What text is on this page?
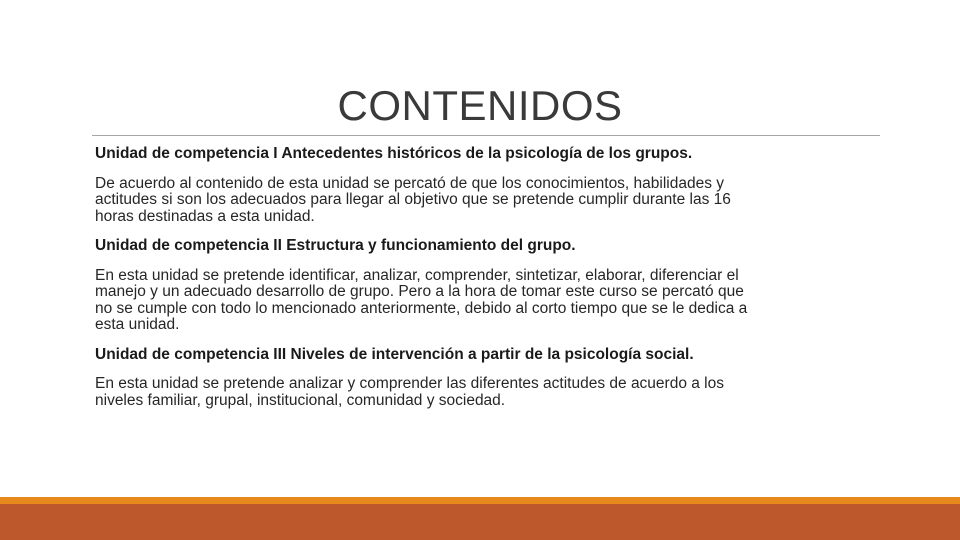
CONTENIDOS

Unidad de competencia I Antecedentes históricos de la psicología de los grupos.

De acuerdo al contenido de esta unidad se percató de que los conocimientos, habilidades y

actitudes si son los adecuados para llegar al objetivo que se pretende cumplir durante las 16

horas destinadas a esta unidad.

Unidad de competencia II Estructura y funcionamiento del grupo.

En esta unidad se pretende identificar, analizar, comprender, sintetizar, elaborar, diferenciar el

manejo y un adecuado desarrollo de grupo. Pero a la hora de tomar este curso se percató que

no se cumple con todo lo mencionado anteriormente, debido al corto tiempo que se le dedica a

esta unidad.

Unidad de competencia III Niveles de intervención a partir de la psicología social.

En esta unidad se pretende analizar y comprender las diferentes actitudes de acuerdo a los

niveles familiar, grupal, institucional, comunidad y sociedad.
